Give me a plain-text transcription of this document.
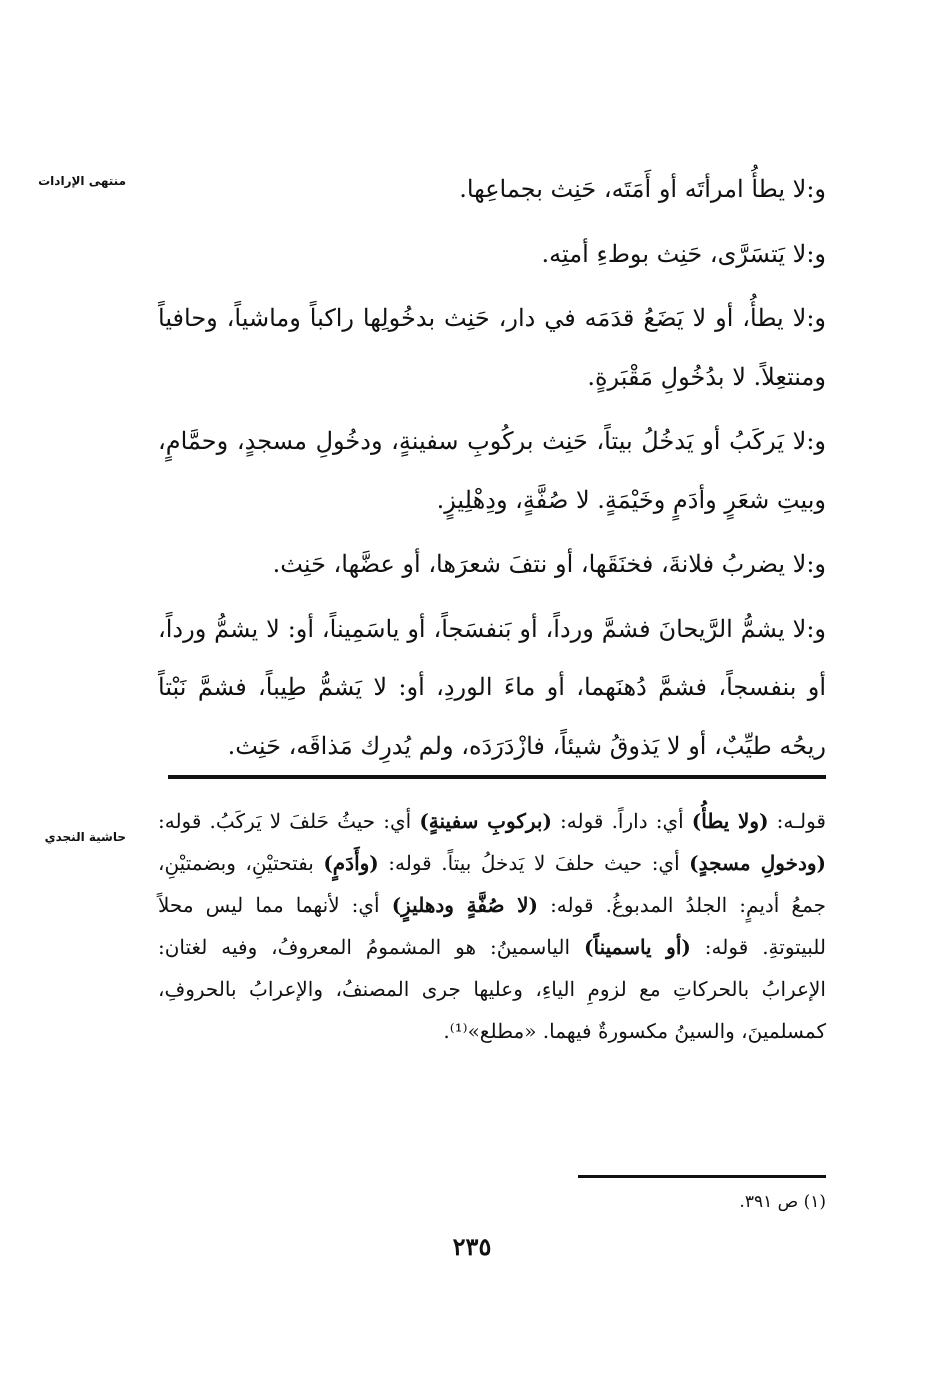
منتهى الإرادات
حاشية النجدي

و:لا يطأُ امرأتَه أو أَمَتَه، حَنِث بجماعِها.

و:لا يَتسَرَّى، حَنِث بوطءِ أمتِه.

و:لا يطأُ، أو لا يَضَعُ قدَمَه في دار، حَنِث بدخُولِها راكباً وماشياً، وحافياً ومنتعِلاً. لا بدُخُولِ مَقْبَرةٍ.

و:لا يَركَبُ أو يَدخُلُ بيتاً، حَنِث بركُوبِ سفينةٍ، ودخُولِ مسجدٍ، وحمَّامٍ، وبيتِ شعَرٍ وأدَمٍ وخَيْمَةٍ. لا صُفَّةٍ، ودِهْلِيزٍ.

و:لا يضربُ فلانةَ، فخنَقَها، أو نتفَ شعرَها، أو عضَّها، حَنِث.

و:لا يشمُّ الرَّيحانَ فشمَّ ورداً، أو بَنفسَجاً، أو ياسَمِيناً، أو: لا يشمُّ ورداً، أو بنفسجاً، فشمَّ دُهنَهما، أو ماءَ الوردِ، أو: لا يَشمُّ طِيباً، فشمَّ نَبْتاً ريحُه طيِّبٌ، أو لا يَذوقُ شيئاً، فازْدَرَدَه، ولم يُدرِك مَذاقَه، حَنِث.

قولـه: (ولا يطأُ) أي: داراً. قوله: (بركوبِ سفينةٍ) أي: حيثُ حَلفَ لا يَركَبُ. قوله: (ودخولِ مسجدٍ) أي: حيث حلفَ لا يَدخلُ بيتاً. قوله: (وأَدَمٍ) بفتحتيْنِ، وبضمتيْنِ، جمعُ أديمٍ: الجلدُ المدبوغُ. قوله: (لا صُفَّةٍ ودهليزٍ) أي: لأنهما مما ليس محلاً للبيتوتةِ. قوله: (أو ياسميناً) الياسمينُ: هو المشمومُ المعروفُ، وفيه لغتان: الإعرابُ بالحركاتِ مع لزومِ الياءِ، وعليها جرى المصنفُ، والإعرابُ بالحروفِ، كمسلمينَ، والسينُ مكسورةٌ فيهما. «مطلع»⁽¹⁾.
(١) ص ٣٩١.
٢٣٥
